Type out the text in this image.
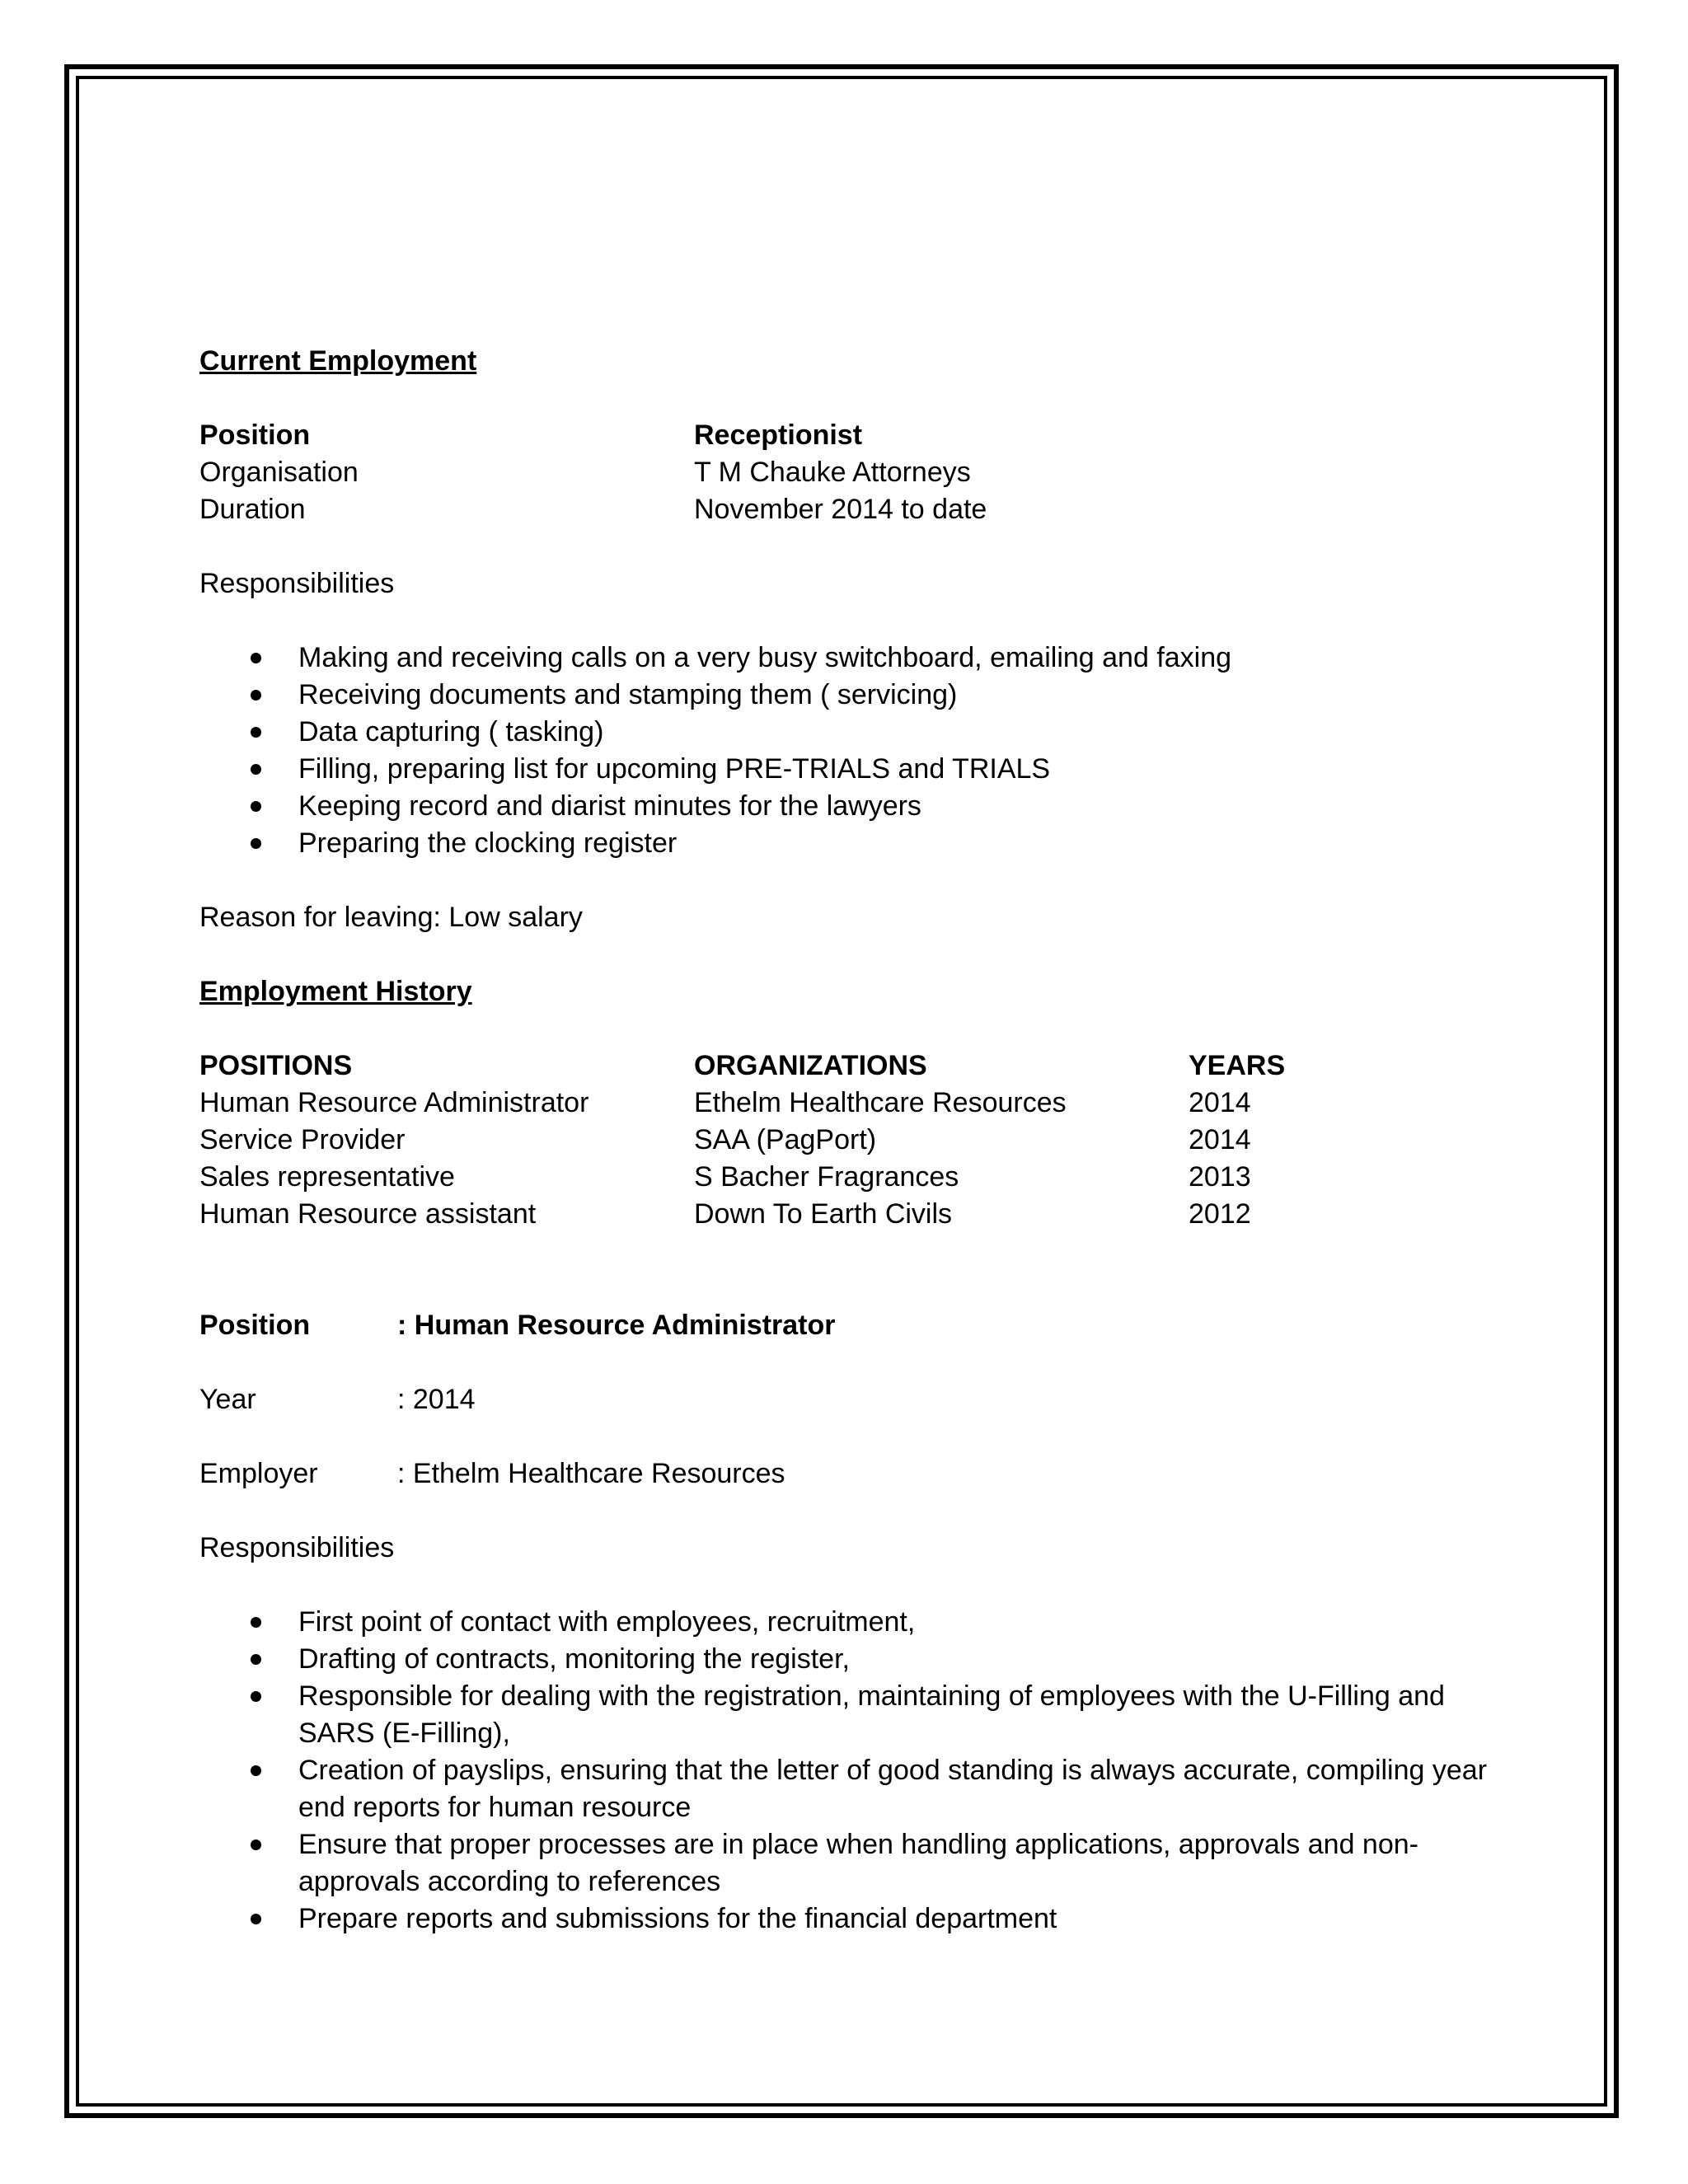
Current Employment
Position	Receptionist
Organisation	T M Chauke Attorneys
Duration	November 2014 to date
Responsibilities
Making and receiving calls on a very busy switchboard, emailing and faxing
Receiving documents and stamping them ( servicing)
Data capturing ( tasking)
Filling, preparing list for upcoming PRE-TRIALS and TRIALS
Keeping record and diarist minutes for the lawyers
Preparing the clocking register
Reason for leaving: Low salary
Employment History
POSITIONS	ORGANIZATIONS	YEARS
Human Resource Administrator	Ethelm Healthcare Resources	2014
Service Provider	SAA (PagPort)	2014
Sales representative	S Bacher Fragrances	2013
Human Resource assistant	Down To Earth Civils	2012
Position	: Human Resource Administrator
Year	: 2014
Employer	: Ethelm Healthcare Resources
Responsibilities
First point of contact with employees, recruitment,
Drafting of contracts, monitoring the register,
Responsible for dealing with the registration, maintaining of employees with the U-Filling and
SARS (E-Filling),
Creation of payslips, ensuring that the letter of good standing is always accurate, compiling year
end reports for human resource
Ensure that proper processes are in place when handling applications, approvals and non-
approvals according to references
Prepare reports and submissions for the financial department
